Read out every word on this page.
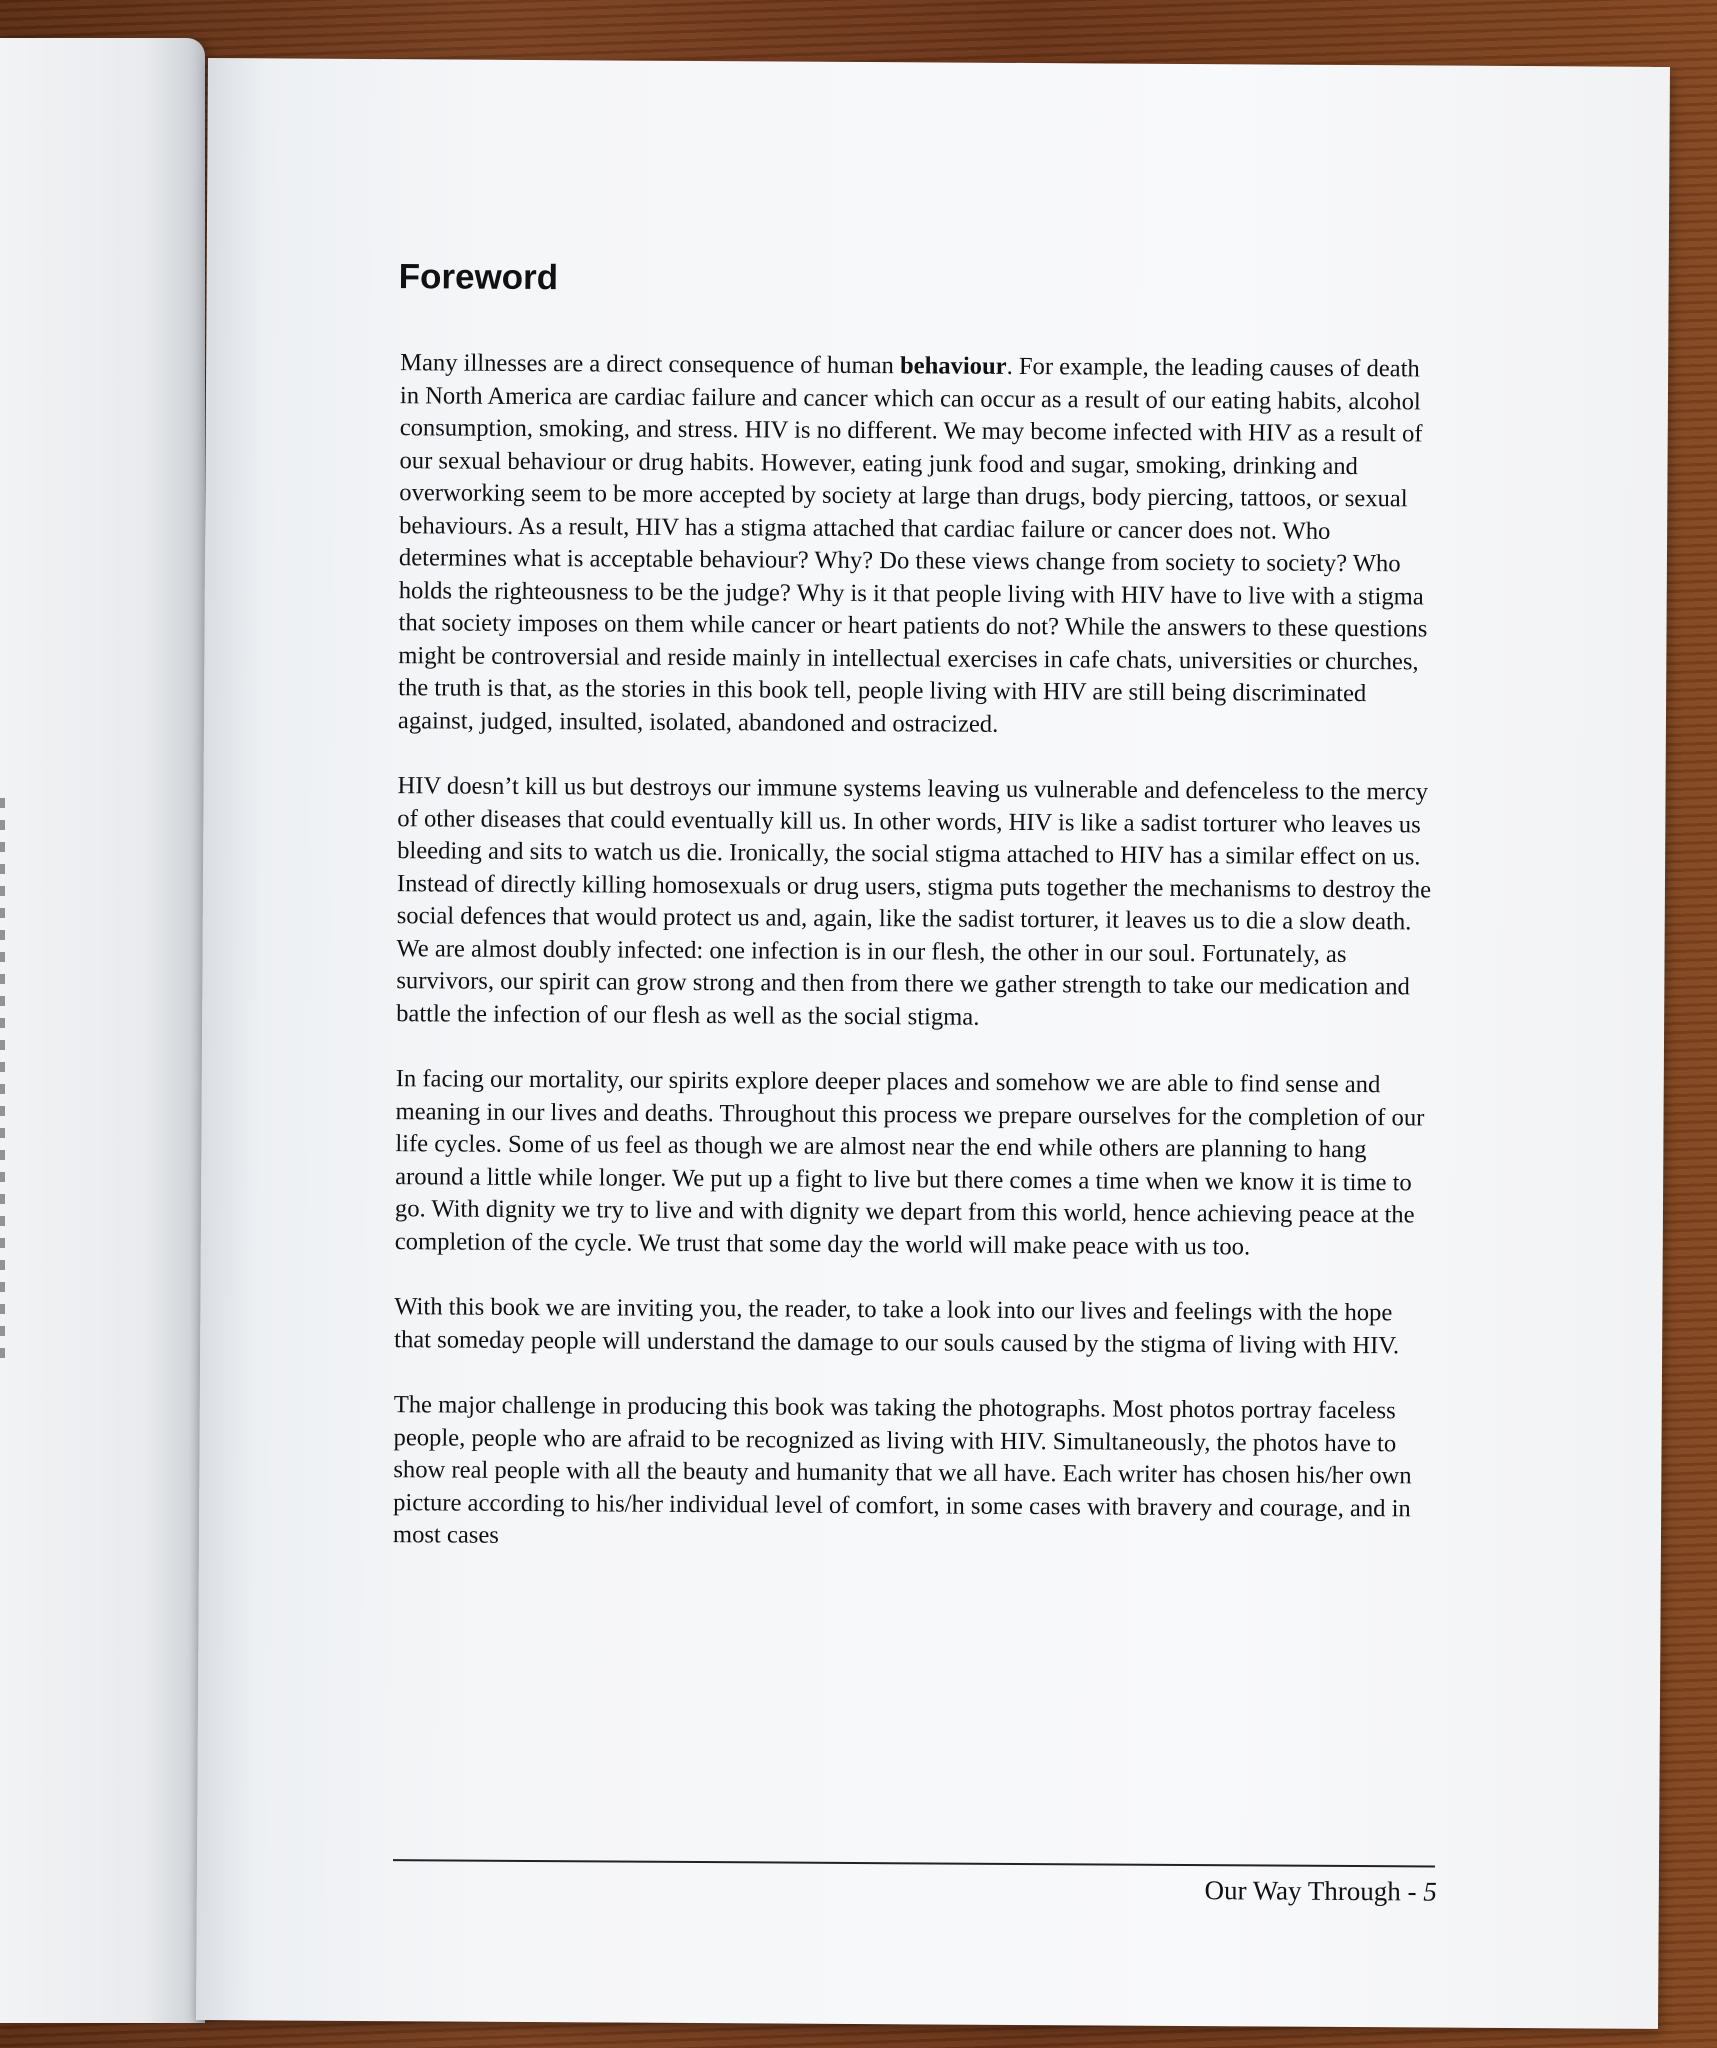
Foreword

Many illnesses are a direct consequence of human behaviour. For example, the leading causes of death in North America are cardiac failure and cancer which can occur as a result of our eating habits, alcohol consumption, smoking, and stress. HIV is no different. We may become infected with HIV as a result of our sexual behaviour or drug habits. However, eating junk food and sugar, smoking, drinking and overworking seem to be more accepted by society at large than drugs, body piercing, tattoos, or sexual behaviours. As a result, HIV has a stigma attached that cardiac failure or cancer does not. Who determines what is acceptable behaviour? Why? Do these views change from society to society? Who holds the righteousness to be the judge? Why is it that people living with HIV have to live with a stigma that society imposes on them while cancer or heart patients do not? While the answers to these questions might be controversial and reside mainly in intellectual exercises in cafe chats, universities or churches, the truth is that, as the stories in this book tell, people living with HIV are still being discriminated against, judged, insulted, isolated, abandoned and ostracized.

HIV doesn’t kill us but destroys our immune systems leaving us vulnerable and defenceless to the mercy of other diseases that could eventually kill us. In other words, HIV is like a sadist torturer who leaves us bleeding and sits to watch us die. Ironically, the social stigma attached to HIV has a similar effect on us. Instead of directly killing homosexuals or drug users, stigma puts together the mechanisms to destroy the social defences that would protect us and, again, like the sadist torturer, it leaves us to die a slow death. We are almost doubly infected: one infection is in our flesh, the other in our soul. Fortunately, as survivors, our spirit can grow strong and then from there we gather strength to take our medication and battle the infection of our flesh as well as the social stigma.

In facing our mortality, our spirits explore deeper places and somehow we are able to find sense and meaning in our lives and deaths. Throughout this process we prepare ourselves for the completion of our life cycles. Some of us feel as though we are almost near the end while others are planning to hang around a little while longer. We put up a fight to live but there comes a time when we know it is time to go. With dignity we try to live and with dignity we depart from this world, hence achieving peace at the completion of the cycle. We trust that some day the world will make peace with us too.

With this book we are inviting you, the reader, to take a look into our lives and feelings with the hope that someday people will understand the damage to our souls caused by the stigma of living with HIV.

The major challenge in producing this book was taking the photographs. Most photos portray faceless people, people who are afraid to be recognized as living with HIV. Simultaneously, the photos have to show real people with all the beauty and humanity that we all have. Each writer has chosen his/her own picture according to his/her individual level of comfort, in some cases with bravery and courage, and in most cases

Our Way Through - 5
